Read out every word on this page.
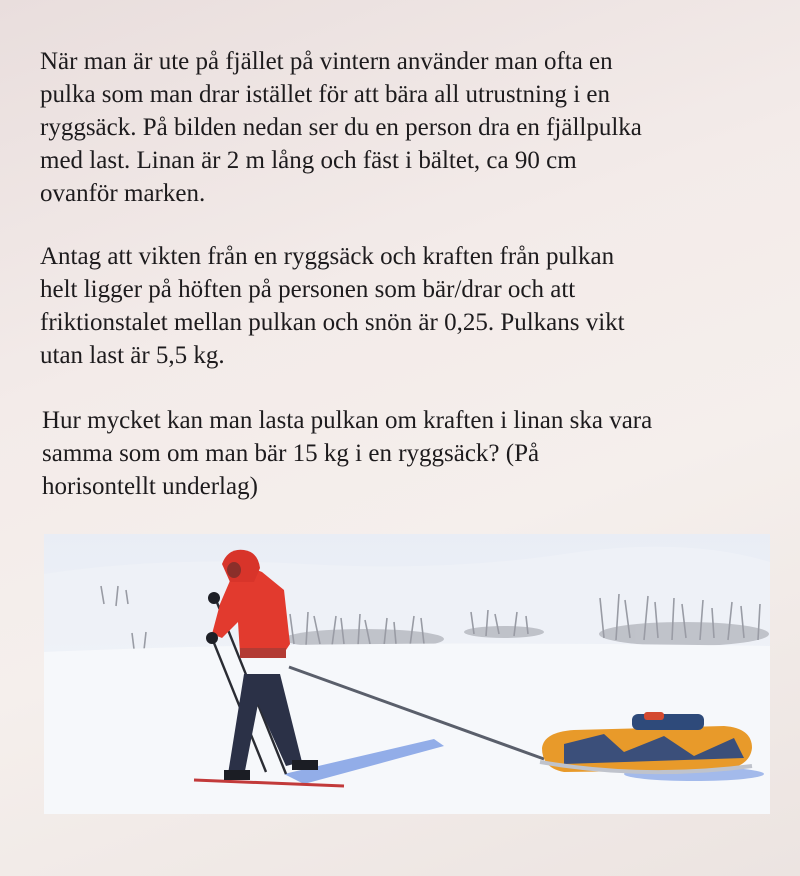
När man är ute på fjället på vintern använder man ofta en
pulka som man drar istället för att bära all utrustning i en
ryggsäck. På bilden nedan ser du en person dra en fjällpulka
med last. Linan är 2 m lång och fäst i bältet, ca 90 cm
ovanför marken.

Antag att vikten från en ryggsäck och kraften från pulkan
helt ligger på höften på personen som bär/drar och att
friktionstalet mellan pulkan och snön är 0,25. Pulkans vikt
utan last är 5,5 kg.

Hur mycket kan man lasta pulkan om kraften i linan ska vara
samma som om man bär 15 kg i en ryggsäck? (På
horisontellt underlag)
